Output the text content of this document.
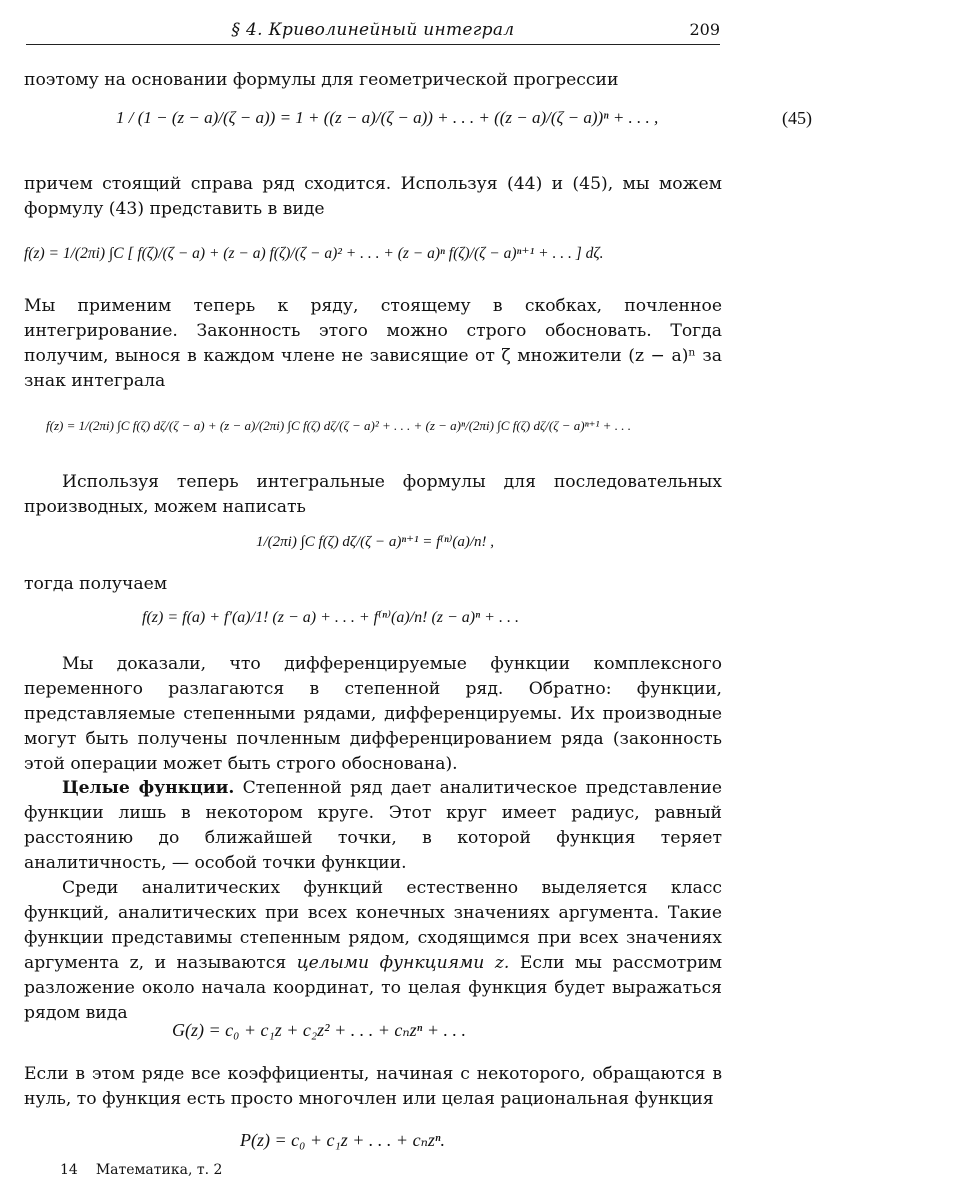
§ 4. Криволинейный интеграл	209

поэтому на основании формулы для геометрической прогрессии

1 / (1 − (z − a)/(ζ − a)) = 1 + ((z − a)/(ζ − a)) + . . . + ((z − a)/(ζ − a))ⁿ + . . . ,	(45)

причем стоящий справа ряд сходится. Используя (44) и (45), мы можем формулу (43) представить в виде

f(z) = 1/(2πi) ∫C [ f(ζ)/(ζ − a) + (z − a) f(ζ)/(ζ − a)² + . . . + (z − a)ⁿ f(ζ)/(ζ − a)ⁿ⁺¹ + . . . ] dζ.

Мы применим теперь к ряду, стоящему в скобках, почленное интегрирование. Законность этого можно строго обосновать. Тогда получим, вынося в каждом члене не зависящие от ζ множители (z − a)ⁿ за знак интеграла

f(z) = 1/(2πi) ∫C f(ζ) dζ/(ζ − a) + (z − a)/(2πi) ∫C f(ζ) dζ/(ζ − a)² + . . . + (z − a)ⁿ/(2πi) ∫C f(ζ) dζ/(ζ − a)ⁿ⁺¹ + . . .

Используя теперь интегральные формулы для последовательных производных, можем написать

1/(2πi) ∫C f(ζ) dζ/(ζ − a)ⁿ⁺¹ = f⁽ⁿ⁾(a)/n! ,

тогда получаем

f(z) = f(a) + f′(a)/1! (z − a) + . . . + f⁽ⁿ⁾(a)/n! (z − a)ⁿ + . . .

Мы доказали, что дифференцируемые функции комплексного переменного разлагаются в степенной ряд. Обратно: функции, представляемые степенными рядами, дифференцируемы. Их производные могут быть получены почленным дифференцированием ряда (законность этой операции может быть строго обоснована).

Целые функции. Степенной ряд дает аналитическое представление функции лишь в некотором круге. Этот круг имеет радиус, равный расстоянию до ближайшей точки, в которой функция теряет аналитичность, — особой точки функции.

Среди аналитических функций естественно выделяется класс функций, аналитических при всех конечных значениях аргумента. Такие функции представимы степенным рядом, сходящимся при всех значениях аргумента z, и называются целыми функциями z. Если мы рассмотрим разложение около начала координат, то целая функция будет выражаться рядом вида

G(z) = c₀ + c₁z + c₂z² + . . . + cₙzⁿ + . . .

Если в этом ряде все коэффициенты, начиная с некоторого, обращаются в нуль, то функция есть просто многочлен или целая рациональная функция

P(z) = c₀ + c₁z + . . . + cₙzⁿ.
14 Математика, т. 2
